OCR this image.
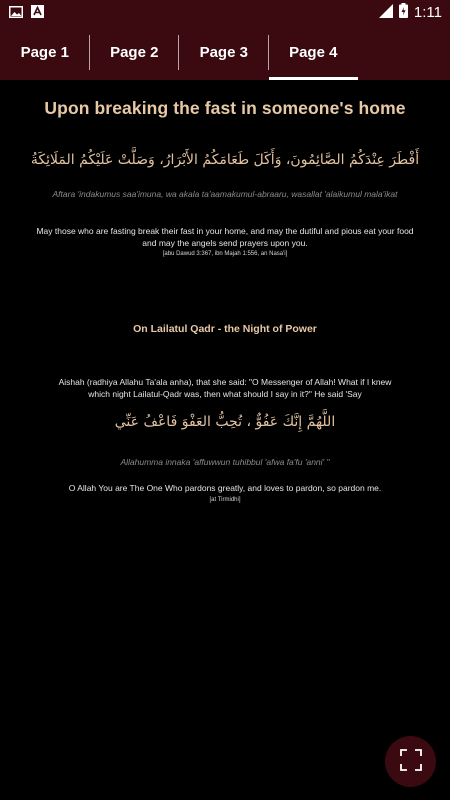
1:11
Page 1	Page 2	Page 3	Page 4
Upon breaking the fast in someone's home
أَفْطَرَ عِنْدَكُمُ الصَّائِمُونَ، وَأَكَلَ طَعَامَكُمُ الأَبْرَارُ، وَصَلَّتْ عَلَيْكُمُ المَلَائِكَةُ
Aftara 'indakumus saa'imuna, wa akala ta'aamakumul-abraaru, wasallat 'alaikumul mala'ikat
May those who are fasting break their fast in your home, and may the dutiful and pious eat your food and may the angels send prayers upon you.
[abu Dawud 3:367, ibn Majah 1:556, an Nasa'i]
On Lailatul Qadr - the Night of Power
Aishah (radhiya Allahu Ta'ala anha), that she said: "O Messenger of Allah! What if I knew which night Lailatul-Qadr was, then what should I say in it?" He said 'Say
اللَّهُمَّ إِنَّكَ عَفُوٌّ ، تُحِبُّ العَفْوَ فَاعْفُ عَنِّي
Allahumma innaka 'affuwwun tuhibbul 'afwa fa'fu 'anni' "
O Allah You are The One Who pardons greatly, and loves to pardon, so pardon me.
[at Tirmidhi]
